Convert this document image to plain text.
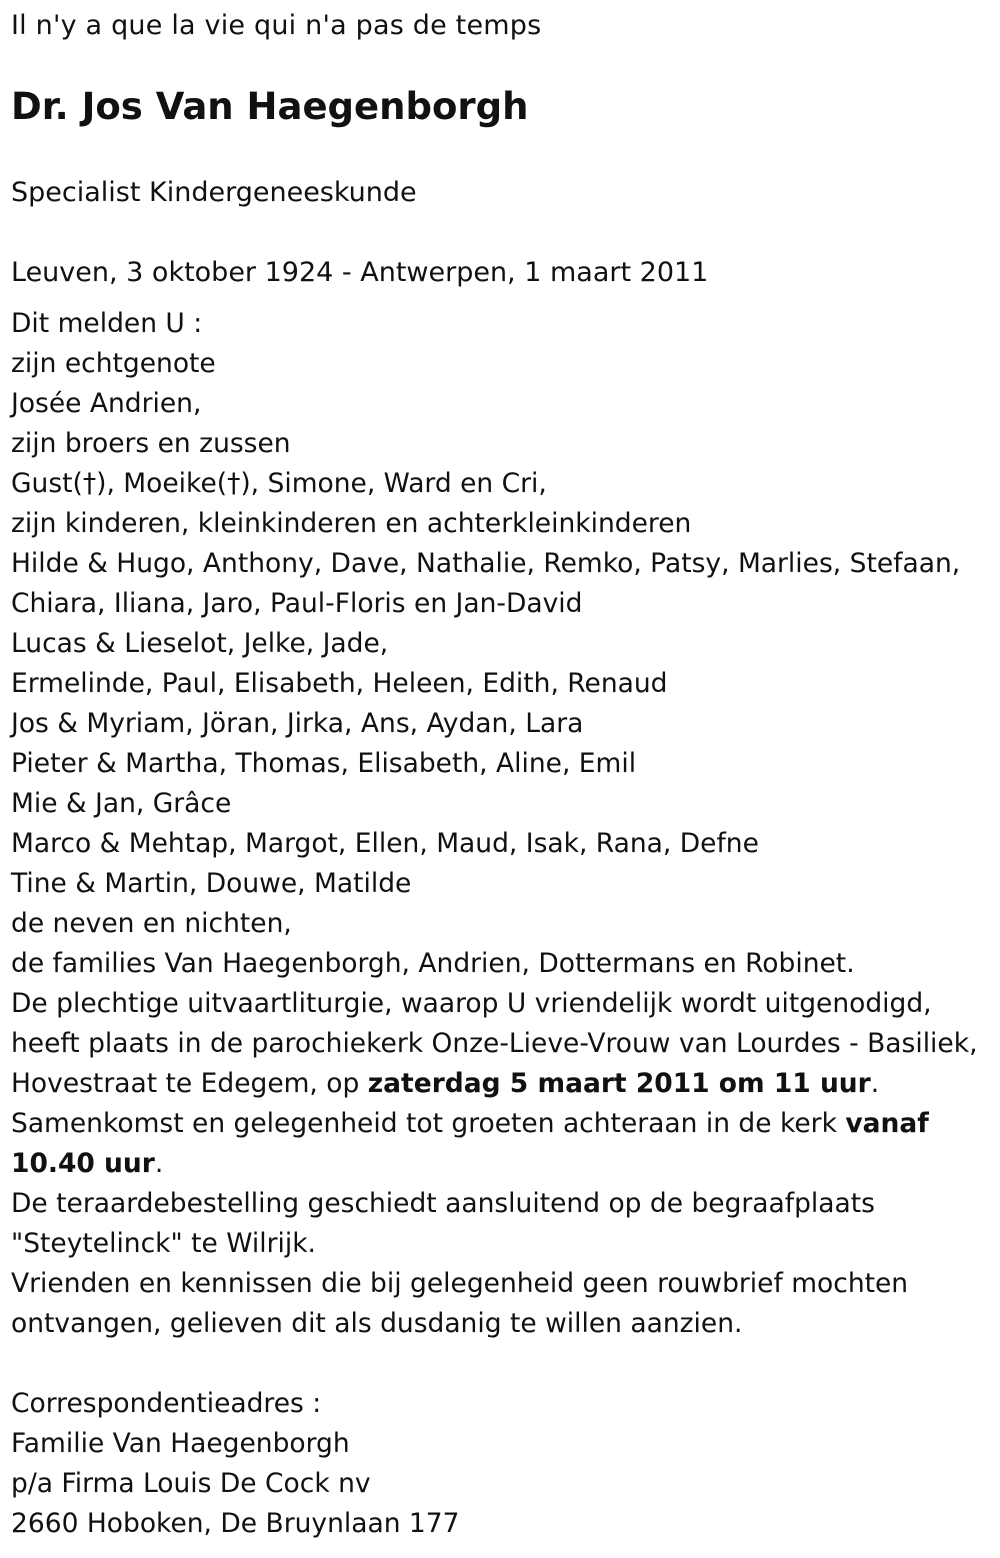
Il n'y a que la vie qui n'a pas de temps
Dr. Jos Van Haegenborgh
Specialist Kindergeneeskunde
Leuven, 3 oktober 1924 - Antwerpen, 1 maart 2011
Dit melden U :
zijn echtgenote
Josée Andrien,
zijn broers en zussen
Gust(†), Moeike(†), Simone, Ward en Cri,
zijn kinderen, kleinkinderen en achterkleinkinderen
Hilde & Hugo, Anthony, Dave, Nathalie, Remko, Patsy, Marlies, Stefaan,
Chiara, Iliana, Jaro, Paul-Floris en Jan-David
Lucas & Lieselot, Jelke, Jade,
Ermelinde, Paul, Elisabeth, Heleen, Edith, Renaud
Jos & Myriam, Jöran, Jirka, Ans, Aydan, Lara
Pieter & Martha, Thomas, Elisabeth, Aline, Emil
Mie & Jan, Grâce
Marco & Mehtap, Margot, Ellen, Maud, Isak, Rana, Defne
Tine & Martin, Douwe, Matilde
de neven en nichten,
de families Van Haegenborgh, Andrien, Dottermans en Robinet.
De plechtige uitvaartliturgie, waarop U vriendelijk wordt uitgenodigd,
heeft plaats in de parochiekerk Onze-Lieve-Vrouw van Lourdes - Basiliek,
Hovestraat te Edegem, op zaterdag 5 maart 2011 om 11 uur.
Samenkomst en gelegenheid tot groeten achteraan in de kerk vanaf
10.40 uur.
De teraardebestelling geschiedt aansluitend op de begraafplaats
"Steytelinck" te Wilrijk.
Vrienden en kennissen die bij gelegenheid geen rouwbrief mochten
ontvangen, gelieven dit als dusdanig te willen aanzien.
Correspondentieadres :
Familie Van Haegenborgh
p/a Firma Louis De Cock nv
2660 Hoboken, De Bruynlaan 177
